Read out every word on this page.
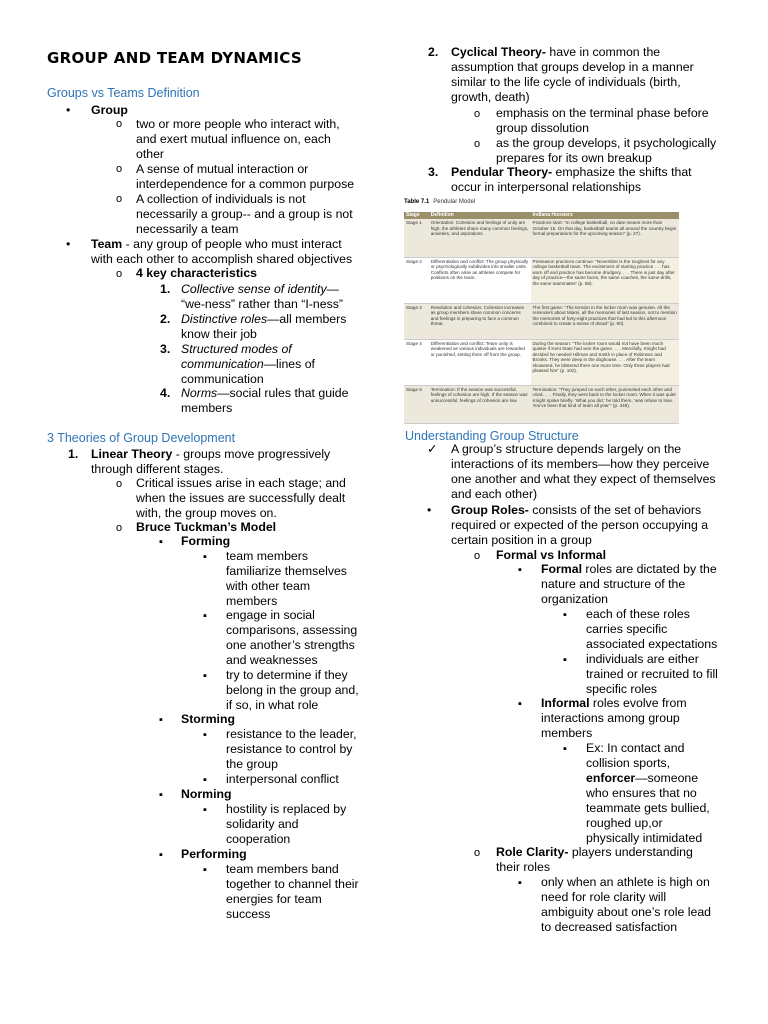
GROUP AND TEAM DYNAMICS
Groups vs Teams Definition
• Group
o two or more people who interact with,
and exert mutual influence on, each
other
o A sense of mutual interaction or
interdependence for a common purpose
o A collection of individuals is not
necessarily a group-- and a group is not
necessarily a team
• Team - any group of people who must interact
with each other to accomplish shared objectives
o 4 key characteristics
1. Collective sense of identity—
“we-ness” rather than “I-ness”
2. Distinctive roles—all members
know their job
3. Structured modes of
communication—lines of
communication
4. Norms—social rules that guide
members
3 Theories of Group Development
1. Linear Theory - groups move progressively
through different stages.
o Critical issues arise in each stage; and
when the issues are successfully dealt
with, the group moves on.
o Bruce Tuckman’s Model
▪ Forming
▪ team members
familiarize themselves
with other team
members
▪ engage in social
comparisons, assessing
one another’s strengths
and weaknesses
▪ try to determine if they
belong in the group and,
if so, in what role
▪ Storming
▪ resistance to the leader,
resistance to control by
the group
▪ interpersonal conflict
▪ Norming
▪ hostility is replaced by
solidarity and
cooperation
▪ Performing
▪ team members band
together to channel their
energies for team
success
2. Cyclical Theory- have in common the
assumption that groups develop in a manner
similar to the life cycle of individuals (birth,
growth, death)
o emphasis on the terminal phase before
group dissolution
o as the group develops, it psychologically
prepares for its own breakup
3. Pendular Theory- emphasize the shifts that
occur in interpersonal relationships
Table 7.1 Pendular Model
Stage	Definition	Indiana Hoosiers
Stage 1	Orientation: Cohesion and feelings of unity are high; the athletes share many common feelings, anxieties, and aspirations.	Practices start: “In college basketball, no date means more than October 15. On that day, basketball teams all around the country begin formal preparations for the upcoming season” (p. 27).
Stage 2	Differentiation and conflict: The group physically or psychologically subdivides into smaller units. Conflicts often arise as athletes compete for positions on the team.	Preseason practices continue: “November is the toughest for any college basketball team. The excitement of starting practice . . . has worn off and practice has become drudgery. . . . There is just day after day of practice—the same faces, the same coaches, the same drills, the same teammates” (p. 59).
Stage 3	Resolution and cohesion: Cohesion increases as group members share common concerns and feelings in preparing to face a common threat.	The first game: “The tension in the locker room was genuine. All the reminders about Miami, all the memories of last season, not to mention the memories of forty-eight practices that had led to this afternoon combined to create a sense of dread” (p. 90).
Stage 4	Differentiation and conflict: Team unity is weakened as various individuals are rewarded or punished, setting them off from the group.	During the season: “The locker room would not have been much quieter if Kent State had won the game. . . . Mercifully, Knight had decided he needed Hillman and Smith in place of Robinson and Brooks. They were deep in the doghouse. . . . After the team showered, he blistered them one more time. Only three players had pleased him” (p. 102).
Stage 5	Termination: If the season was successful, feelings of cohesion are high. If the season was unsuccessful, feelings of cohesion are low.	Termination: “They jumped on each other, pummeled each other and cried. . . . Finally, they went back to the locker room. When it was quiet Knight spoke briefly. ‘What you did,’ he told them, ‘was refuse to lose. You’ve been that kind of team all year’” (p. 349).
Understanding Group Structure
✓ A group’s structure depends largely on the
interactions of its members—how they perceive
one another and what they expect of themselves
and each other)
• Group Roles- consists of the set of behaviors
required or expected of the person occupying a
certain position in a group
o Formal vs Informal
▪ Formal roles are dictated by the
nature and structure of the
organization
▪ each of these roles
carries specific
associated expectations
▪ individuals are either
trained or recruited to fill
specific roles
▪ Informal roles evolve from
interactions among group
members
▪ Ex: In contact and
collision sports,
enforcer—someone
who ensures that no
teammate gets bullied,
roughed up,or
physically intimidated
o Role Clarity- players understanding
their roles
▪ only when an athlete is high on
need for role clarity will
ambiguity about one’s role lead
to decreased satisfaction
